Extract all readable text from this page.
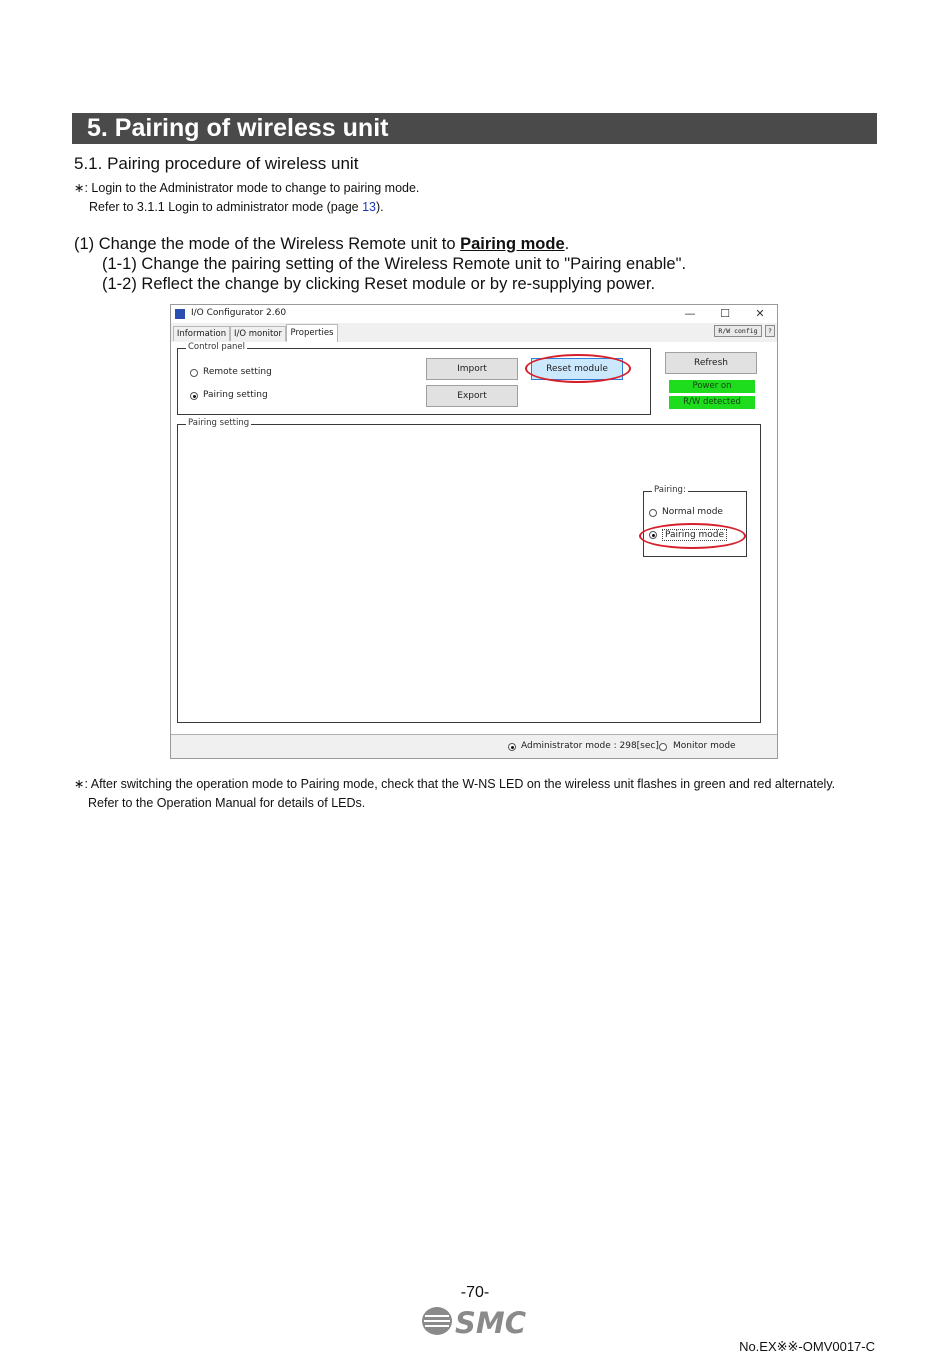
5. Pairing of wireless unit
5.1. Pairing procedure of wireless unit
∗: Login to the Administrator mode to change to pairing mode.
Refer to 3.1.1 Login to administrator mode (page 13).
(1) Change the mode of the Wireless Remote unit to Pairing mode.
(1-1) Change the pairing setting of the Wireless Remote unit to "Pairing enable".
(1-2) Reflect the change by clicking Reset module or by re-supplying power.
I/O Configurator 2.60	—	☐	✕
Information I/O monitor	Properties	R/W config	?
Control panel
Remote setting
Pairing setting
Import
Export
Reset module
Refresh
Power on
R/W detected
Pairing setting
Pairing:
Normal mode
Pairing mode
Administrator mode : 298[sec] Monitor mode
∗: After switching the operation mode to Pairing mode, check that the W-NS LED on the wireless unit flashes in green and red alternately.
Refer to the Operation Manual for details of LEDs.
-70-
SMC
No.EX※※-OMV0017-C
